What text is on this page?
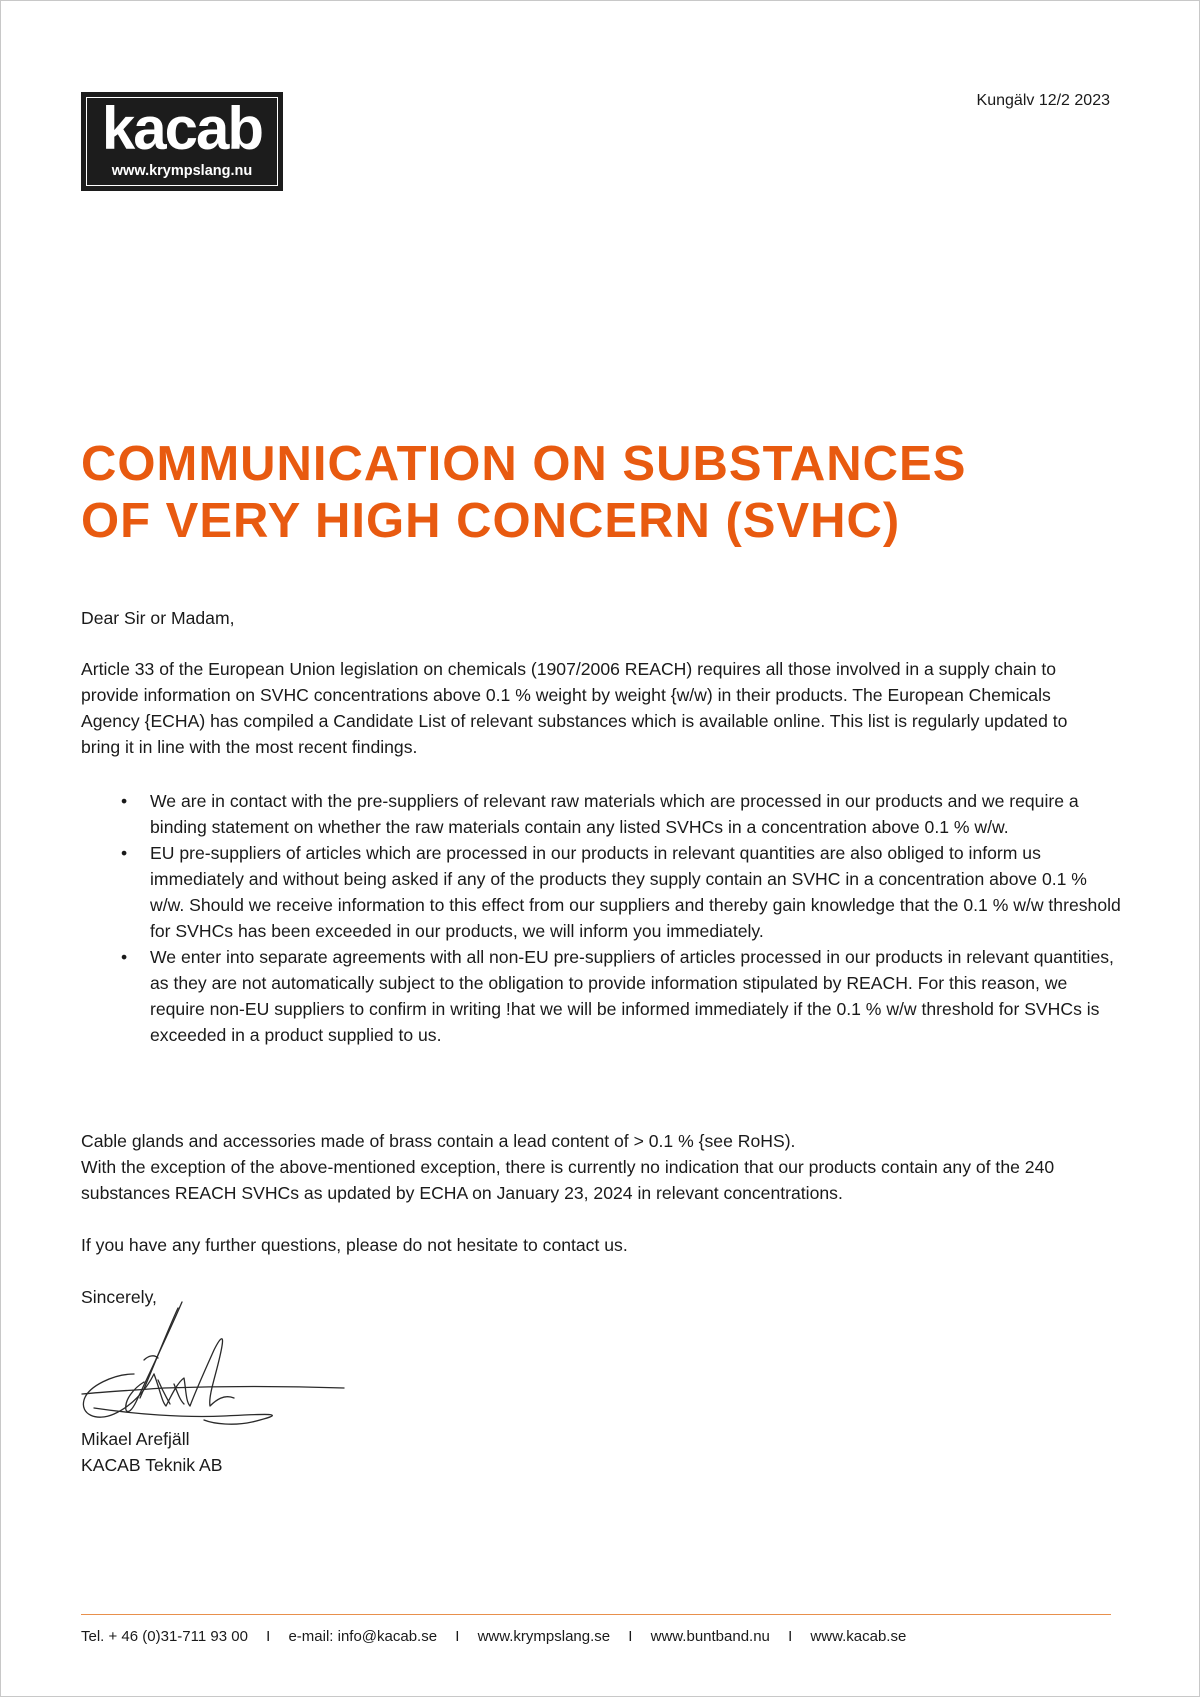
kacab
www.krympslang.nu
Kungälv 12/2 2023
COMMUNICATION ON SUBSTANCES
OF VERY HIGH CONCERN (SVHC)

Dear Sir or Madam,

Article 33 of the European Union legislation on chemicals (1907/2006 REACH) requires all those involved in a supply chain to provide information on SVHC concentrations above 0.1 % weight by weight {w/w) in their products. The European Chemicals Agency {ECHA) has compiled a Candidate List of relevant substances which is available online. This list is regularly updated to bring it in line with the most recent findings.

•	We are in contact with the pre-suppliers of relevant raw materials which are processed in our products and we require a binding statement on whether the raw materials contain any listed SVHCs in a concentration above 0.1 % w/w.
•	EU pre-suppliers of articles which are processed in our products in relevant quantities are also obliged to inform us immediately and without being asked if any of the products they supply contain an SVHC in a concentration above 0.1 % w/w. Should we receive information to this effect from our suppliers and thereby gain knowledge that the 0.1 % w/w threshold for SVHCs has been exceeded in our products, we will inform you immediately.
•	We enter into separate agreements with all non-EU pre-suppliers of articles processed in our products in relevant quantities, as they are not automatically subject to the obligation to provide information stipulated by REACH. For this reason, we require non-EU suppliers to confirm in writing !hat we will be informed immediately if the 0.1 % w/w threshold for SVHCs is exceeded in a product supplied to us.
Cable glands and accessories made of brass contain a lead content of > 0.1 % {see RoHS).
With the exception of the above-mentioned exception, there is currently no indication that our products contain any of the 240 substances REACH SVHCs as updated by ECHA on January 23, 2024 in relevant concentrations.

If you have any further questions, please do not hesitate to contact us.

Sincerely,

Mikael Arefjäll
KACAB Teknik AB
Tel. + 46 (0)31-711 93 00 I e-mail: info@kacab.se I www.krympslang.se I www.buntband.nu I www.kacab.se
